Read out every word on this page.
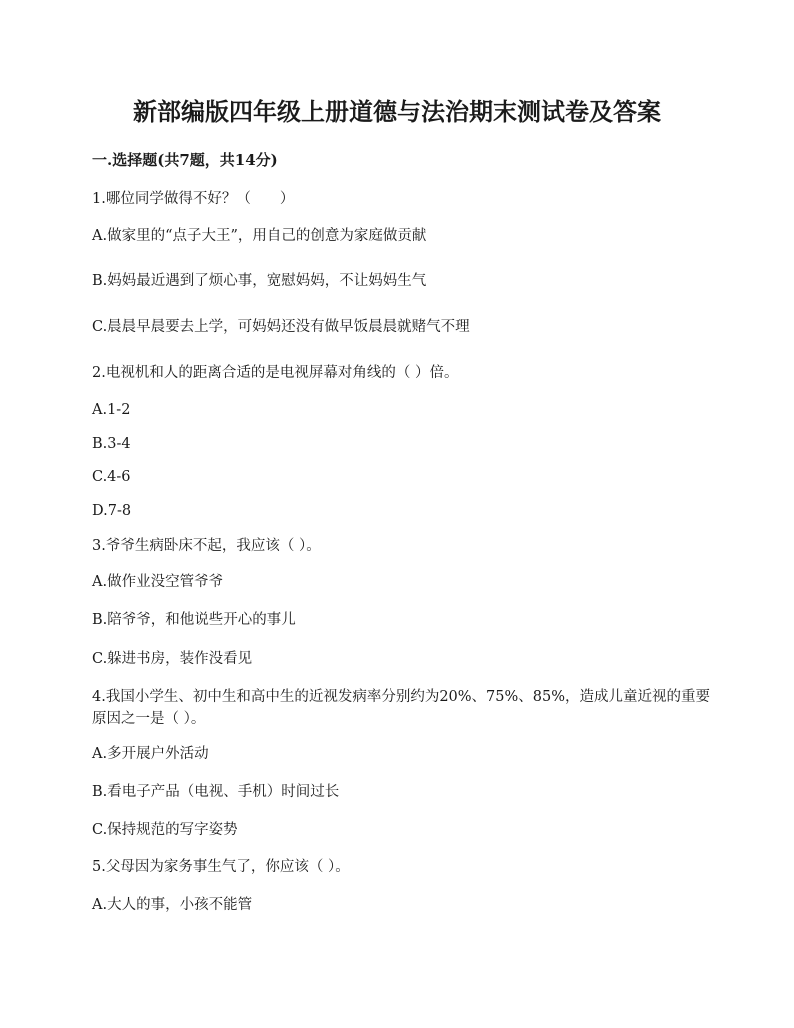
新部编版四年级上册道德与法治期末测试卷及答案
一.选择题(共7题，共14分)
1.哪位同学做得不好？（　　）
A.做家里的“点子大王”，用自己的创意为家庭做贡献
B.妈妈最近遇到了烦心事，宽慰妈妈，不让妈妈生气
C.晨晨早晨要去上学，可妈妈还没有做早饭晨晨就赌气不理
2.电视机和人的距离合适的是电视屏幕对角线的（ ）倍。
A.1-2
B.3-4
C.4-6
D.7-8
3.爷爷生病卧床不起，我应该（ ）。
A.做作业没空管爷爷
B.陪爷爷，和他说些开心的事儿
C.躲进书房，装作没看见
4.我国小学生、初中生和高中生的近视发病率分别约为20%、75%、85%，造成儿童近视的重要原因之一是（ ）。
A.多开展户外活动
B.看电子产品（电视、手机）时间过长
C.保持规范的写字姿势
5.父母因为家务事生气了，你应该（ ）。
A.大人的事，小孩不能管
